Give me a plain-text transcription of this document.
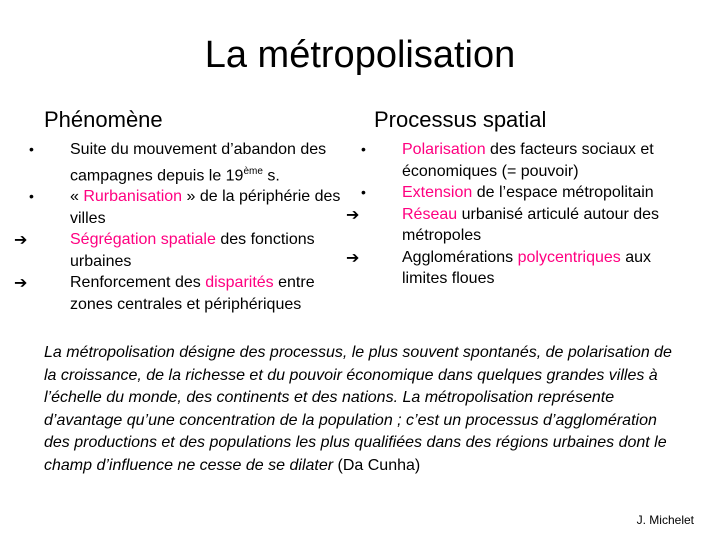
La métropolisation
Phénomène	Processus spatial
•	Suite du mouvement d’abandon des campagnes depuis le 19ème s.
•	« Rurbanisation » de la périphérie des villes
➔	Ségrégation spatiale des fonctions urbaines
➔	Renforcement des disparités entre zones centrales et périphériques
•	Polarisation des facteurs sociaux et économiques (= pouvoir)
•	Extension de l’espace métropolitain
➔	Réseau urbanisé articulé autour des métropoles
➔	Agglomérations polycentriques aux limites floues
La métropolisation désigne des processus, le plus souvent spontanés, de polarisation de la croissance, de la richesse et du pouvoir économique dans quelques grandes villes à l’échelle du monde, des continents et des nations. La métropolisation représente d’avantage qu’une concentration de la population ; c’est un processus d’agglomération des productions et des populations les plus qualifiées dans des régions urbaines dont le champ d’influence ne cesse de se dilater (Da Cunha)
J. Michelet
